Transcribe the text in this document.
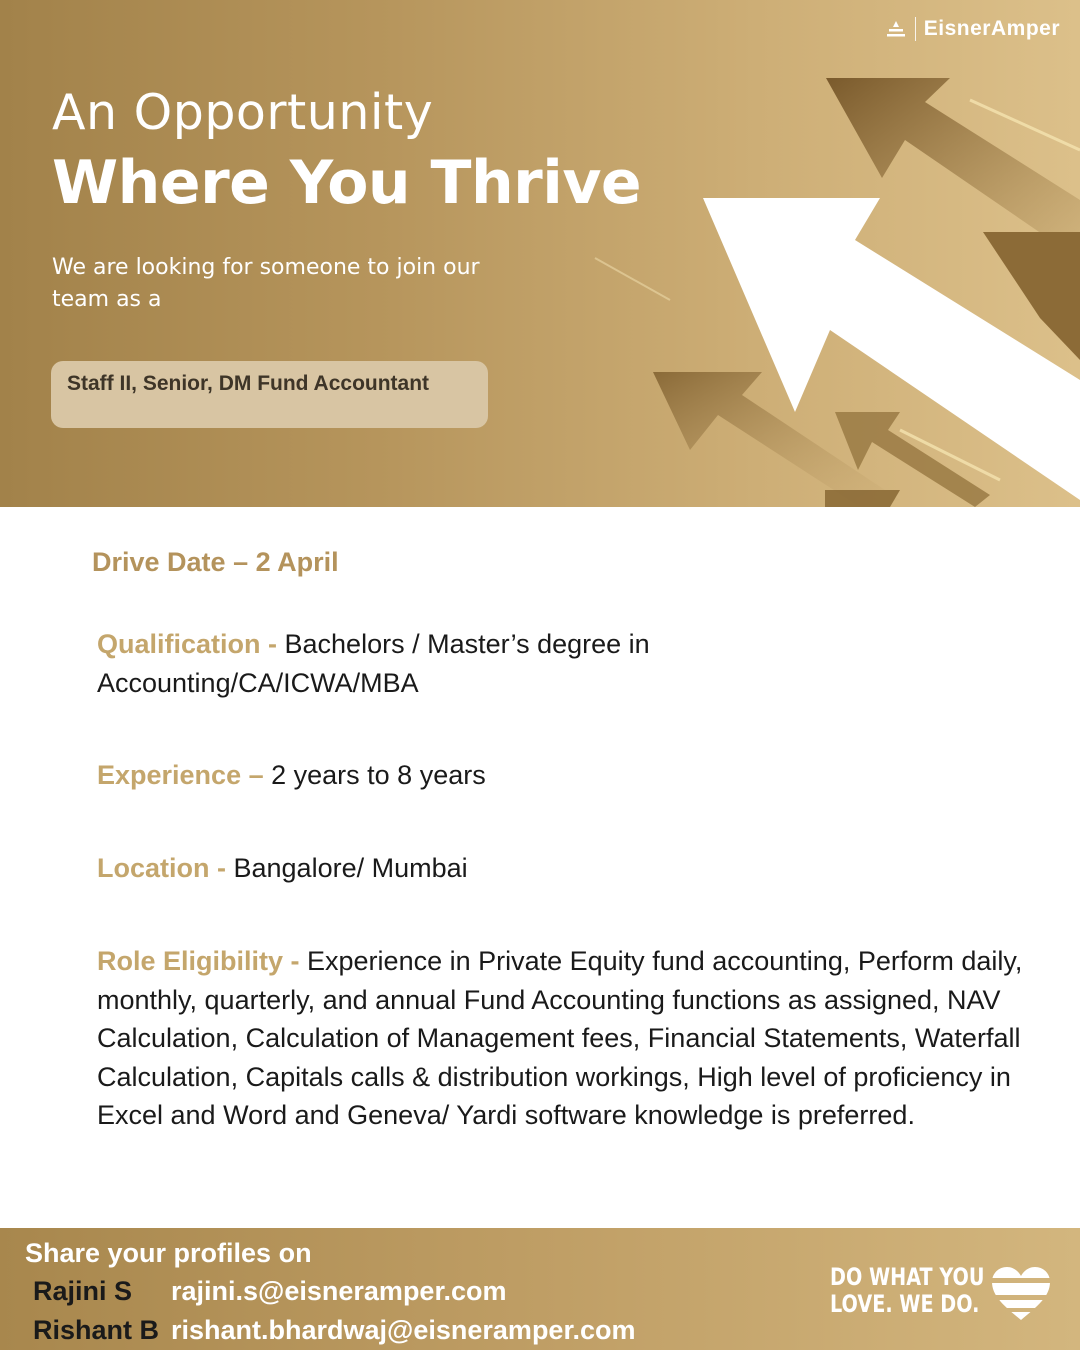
EisnerAmper
An Opportunity
Where You Thrive
We are looking for someone to join our team as a
Staff II, Senior, DM Fund Accountant
Drive Date – 2 April
Qualification - Bachelors / Master’s degree in Accounting/CA/ICWA/MBA
Experience – 2 years to 8 years
Location - Bangalore/ Mumbai
Role Eligibility - Experience in Private Equity fund accounting, Perform daily, monthly, quarterly, and annual Fund Accounting functions as assigned, NAV Calculation, Calculation of Management fees, Financial Statements, Waterfall Calculation, Capitals calls & distribution workings, High level of proficiency in Excel and Word and Geneva/ Yardi software knowledge is preferred.
Share your profiles on
Rajini S rajini.s@eisneramper.com
Rishant B rishant.bhardwaj@eisneramper.com
DO WHAT YOU
LOVE. WE DO.
